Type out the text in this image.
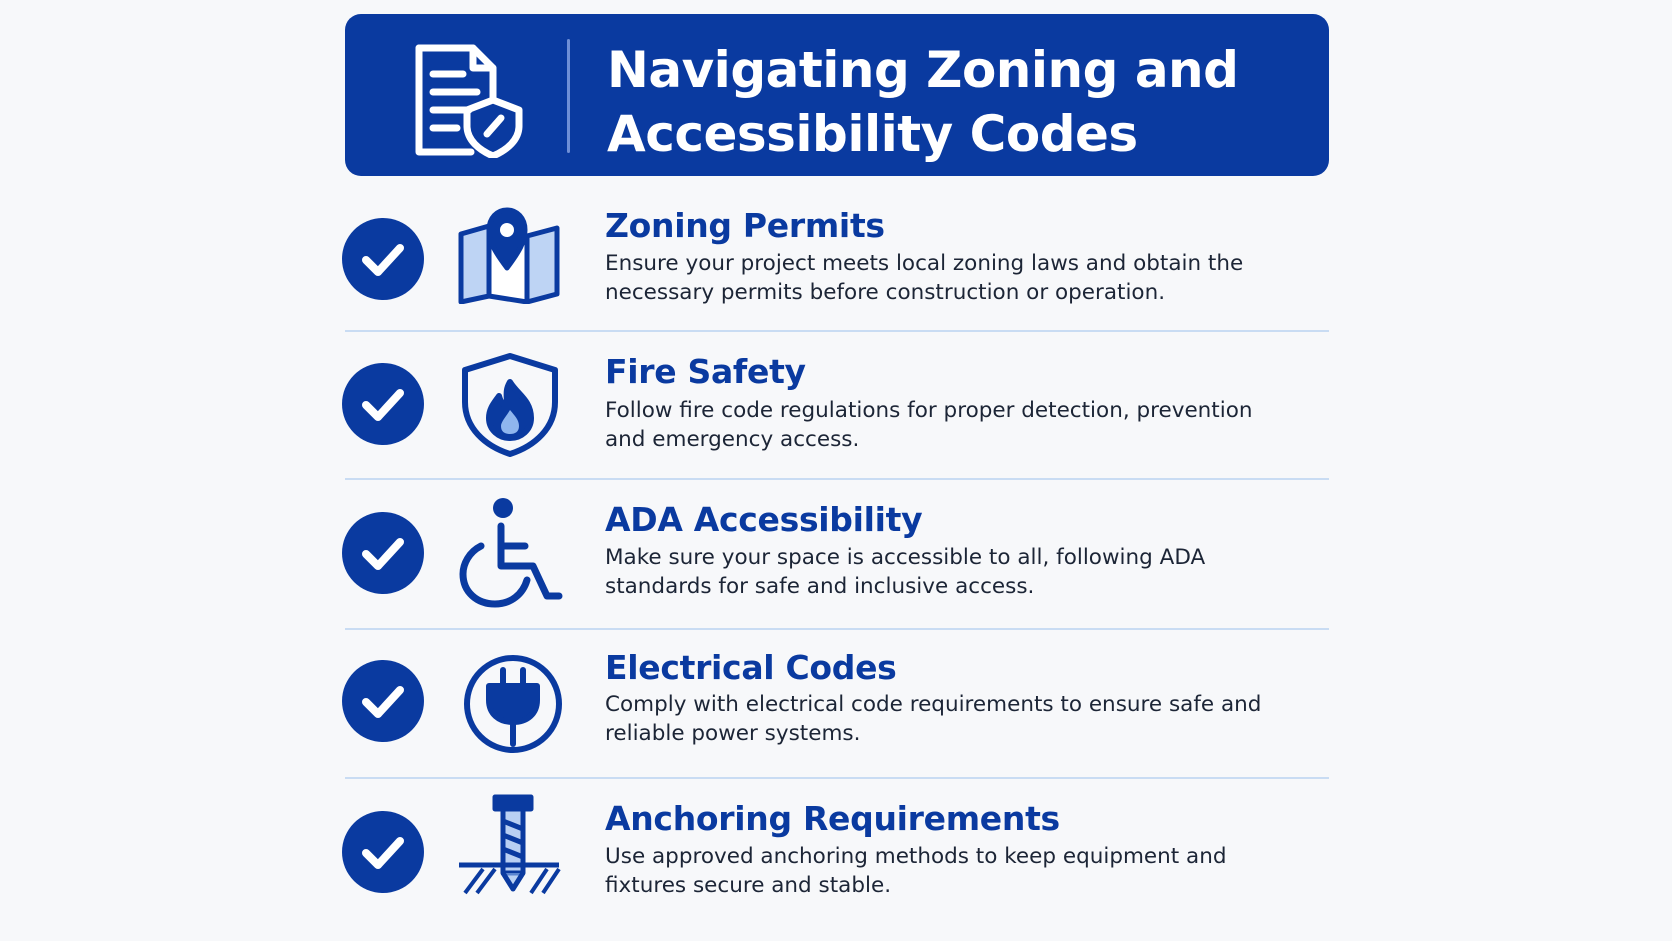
Navigating Zoning and Accessibility Codes
Zoning Permits
Ensure your project meets local zoning laws and obtain the necessary permits before construction or operation.
Fire Safety
Follow fire code regulations for proper detection, prevention and emergency access.
ADA Accessibility
Make sure your space is accessible to all, following ADA standards for safe and inclusive access.
Electrical Codes
Comply with electrical code requirements to ensure safe and reliable power systems.
Anchoring Requirements
Use approved anchoring methods to keep equipment and fixtures secure and stable.
